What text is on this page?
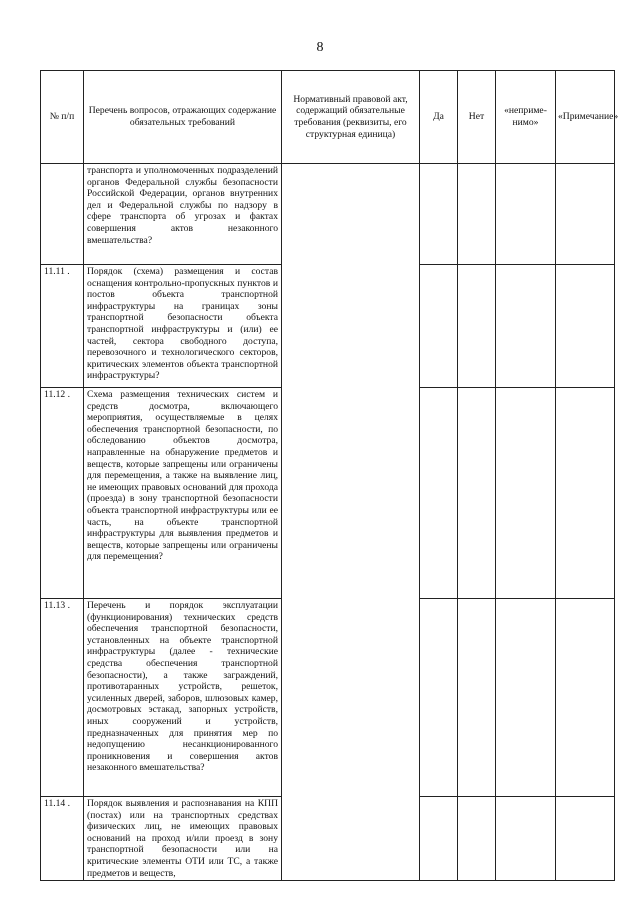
8
№ п/п	Перечень вопросов, отражающих содержание обязательных требований	Нормативный правовой акт, содержащий обязательные требования (реквизиты, его структурная единица)	Да	Нет	«неприме-нимо»	«Примечание»
	транспорта и уполномоченных подразделений органов Федеральной службы безопасности Российской Федерации, органов внутренних дел и Федеральной службы по надзору в сфере транспорта об угрозах и фактах совершения актов незаконного вмешательства?					
11.11 .	Порядок (схема) размещения и состав оснащения контрольно-пропускных пунктов и постов объекта транспортной инфраструктуры на границах зоны транспортной безопасности объекта транспортной инфраструктуры и (или) ее частей, сектора свободного доступа, перевозочного и технологического секторов, критических элементов объекта транспортной инфраструктуры?					
11.12 .	Схема размещения технических систем и средств досмотра, включающего мероприятия, осуществляемые в целях обеспечения транспортной безопасности, по обследованию объектов досмотра, направленные на обнаружение предметов и веществ, которые запрещены или ограничены для перемещения, а также на выявление лиц, не имеющих правовых оснований для прохода (проезда) в зону транспортной безопасности объекта транспортной инфраструктуры или ее часть, на объекте транспортной инфраструктуры для выявления предметов и веществ, которые запрещены или ограничены для перемещения?					
11.13 .	Перечень и порядок эксплуатации (функционирования) технических средств обеспечения транспортной безопасности, установленных на объекте транспортной инфраструктуры (далее - технические средства обеспечения транспортной безопасности), а также заграждений, противотаранных устройств, решеток, усиленных дверей, заборов, шлюзовых камер, досмотровых эстакад, запорных устройств, иных сооружений и устройств, предназначенных для принятия мер по недопущению несанкционированного проникновения и совершения актов незаконного вмешательства?					
11.14 .	Порядок выявления и распознавания на КПП (постах) или на транспортных средствах физических лиц, не имеющих правовых оснований на проход и/или проезд в зону транспортной безопасности или на критические элементы ОТИ или ТС, а также предметов и веществ,					
